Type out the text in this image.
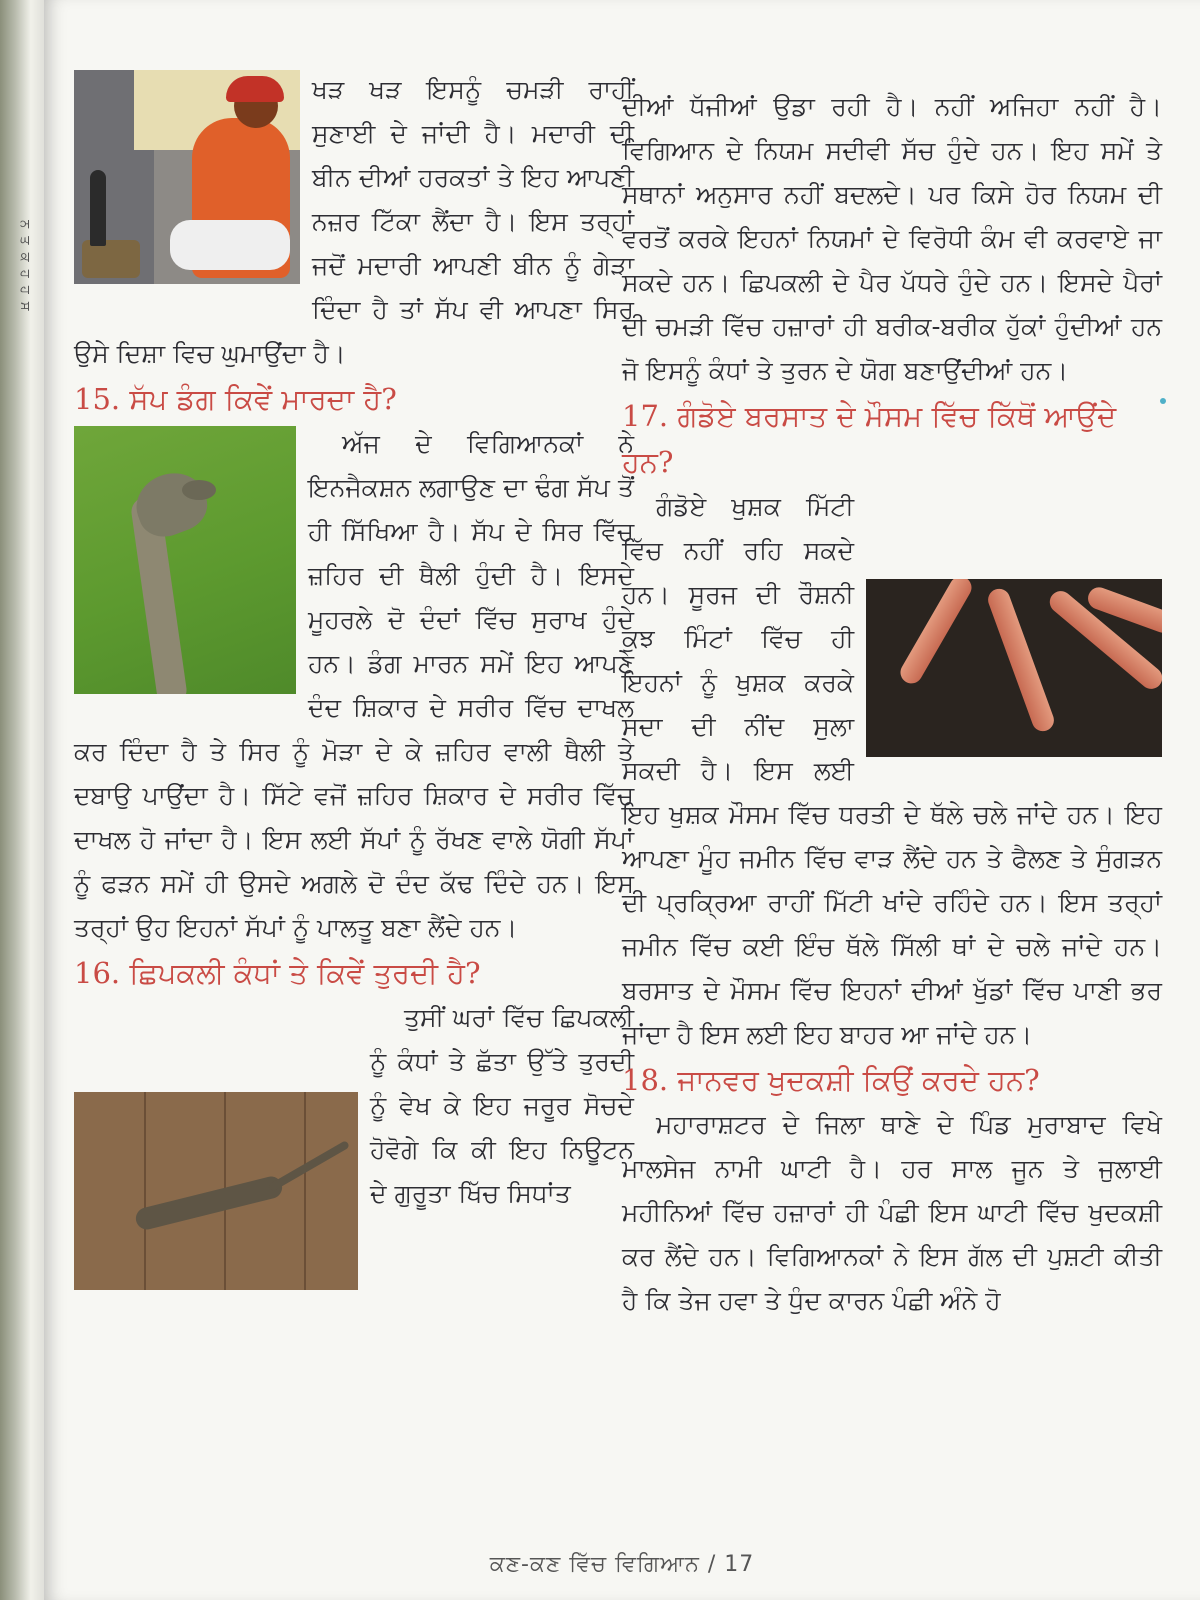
ਨ ਤ ਕ ਹ ਹ ਸ

ਖੜ ਖੜ ਇਸਨੂੰ ਚਮੜੀ ਰਾਹੀਂ ਸੁਣਾਈ ਦੇ ਜਾਂਦੀ ਹੈ। ਮਦਾਰੀ ਦੀ ਬੀਨ ਦੀਆਂ ਹਰਕਤਾਂ ਤੇ ਇਹ ਆਪਣੀ ਨਜ਼ਰ ਟਿੱਕਾ ਲੈਂਦਾ ਹੈ। ਇਸ ਤਰ੍ਹਾਂ ਜਦੋਂ ਮਦਾਰੀ ਆਪਣੀ ਬੀਨ ਨੂੰ ਗੇੜਾ ਦਿੰਦਾ ਹੈ ਤਾਂ ਸੱਪ ਵੀ ਆਪਣਾ ਸਿਰ ਉਸੇ ਦਿਸ਼ਾ ਵਿਚ ਘੁਮਾਉਂਦਾ ਹੈ।

15. ਸੱਪ ਡੰਗ ਕਿਵੇਂ ਮਾਰਦਾ ਹੈ?

ਅੱਜ ਦੇ ਵਿਗਿਆਨਕਾਂ ਨੇ ਇਨਜੈਕਸ਼ਨ ਲਗਾਉਣ ਦਾ ਢੰਗ ਸੱਪ ਤੋਂ ਹੀ ਸਿੱਖਿਆ ਹੈ। ਸੱਪ ਦੇ ਸਿਰ ਵਿੱਚ ਜ਼ਹਿਰ ਦੀ ਥੈਲੀ ਹੁੰਦੀ ਹੈ। ਇਸਦੇ ਮੂਹਰਲੇ ਦੋ ਦੰਦਾਂ ਵਿੱਚ ਸੁਰਾਖ ਹੁੰਦੇ ਹਨ। ਡੰਗ ਮਾਰਨ ਸਮੇਂ ਇਹ ਆਪਣੇ ਦੰਦ ਸ਼ਿਕਾਰ ਦੇ ਸਰੀਰ ਵਿੱਚ ਦਾਖਲ ਕਰ ਦਿੰਦਾ ਹੈ ਤੇ ਸਿਰ ਨੂੰ ਮੋੜਾ ਦੇ ਕੇ ਜ਼ਹਿਰ ਵਾਲੀ ਥੈਲੀ ਤੇ ਦਬਾਉ ਪਾਉਂਦਾ ਹੈ। ਸਿੱਟੇ ਵਜੋਂ ਜ਼ਹਿਰ ਸ਼ਿਕਾਰ ਦੇ ਸਰੀਰ ਵਿੱਚ ਦਾਖਲ ਹੋ ਜਾਂਦਾ ਹੈ। ਇਸ ਲਈ ਸੱਪਾਂ ਨੂੰ ਰੱਖਣ ਵਾਲੇ ਯੋਗੀ ਸੱਪਾਂ ਨੂੰ ਫੜਨ ਸਮੇਂ ਹੀ ਉਸਦੇ ਅਗਲੇ ਦੋ ਦੰਦ ਕੱਢ ਦਿੰਦੇ ਹਨ। ਇਸ ਤਰ੍ਹਾਂ ਉਹ ਇਹਨਾਂ ਸੱਪਾਂ ਨੂੰ ਪਾਲਤੂ ਬਣਾ ਲੈਂਦੇ ਹਨ।

16. ਛਿਪਕਲੀ ਕੰਧਾਂ ਤੇ ਕਿਵੇਂ ਤੁਰਦੀ ਹੈ?

ਤੁਸੀਂ ਘਰਾਂ ਵਿੱਚ ਛਿਪਕਲੀ ਨੂੰ ਕੰਧਾਂ ਤੇ ਛੱਤਾ ਉੱਤੇ ਤੁਰਦੀ ਨੂੰ ਵੇਖ ਕੇ ਇਹ ਜਰੂਰ ਸੋਚਦੇ ਹੋਵੋਗੇ ਕਿ ਕੀ ਇਹ ਨਿਊਟਨ ਦੇ ਗੁਰੂਤਾ ਖਿੱਚ ਸਿਧਾਂਤ

ਦੀਆਂ ਧੱਜੀਆਂ ਉਡਾ ਰਹੀ ਹੈ। ਨਹੀਂ ਅਜਿਹਾ ਨਹੀਂ ਹੈ। ਵਿਗਿਆਨ ਦੇ ਨਿਯਮ ਸਦੀਵੀ ਸੱਚ ਹੁੰਦੇ ਹਨ। ਇਹ ਸਮੇਂ ਤੇ ਸਥਾਨਾਂ ਅਨੁਸਾਰ ਨਹੀਂ ਬਦਲਦੇ। ਪਰ ਕਿਸੇ ਹੋਰ ਨਿਯਮ ਦੀ ਵਰਤੋਂ ਕਰਕੇ ਇਹਨਾਂ ਨਿਯਮਾਂ ਦੇ ਵਿਰੋਧੀ ਕੰਮ ਵੀ ਕਰਵਾਏ ਜਾ ਸਕਦੇ ਹਨ। ਛਿਪਕਲੀ ਦੇ ਪੈਰ ਪੱਧਰੇ ਹੁੰਦੇ ਹਨ। ਇਸਦੇ ਪੈਰਾਂ ਦੀ ਚਮੜੀ ਵਿੱਚ ਹਜ਼ਾਰਾਂ ਹੀ ਬਰੀਕ-ਬਰੀਕ ਹੁੱਕਾਂ ਹੁੰਦੀਆਂ ਹਨ ਜੋ ਇਸਨੂੰ ਕੰਧਾਂ ਤੇ ਤੁਰਨ ਦੇ ਯੋਗ ਬਣਾਉਂਦੀਆਂ ਹਨ।

17. ਗੰਡੋਏ ਬਰਸਾਤ ਦੇ ਮੌਸਮ ਵਿੱਚ ਕਿੱਥੋਂ ਆਉਂਦੇ ਹਨ?

ਗੰਡੋਏ ਖੁਸ਼ਕ ਮਿੱਟੀ ਵਿੱਚ ਨਹੀਂ ਰਹਿ ਸਕਦੇ ਹਨ। ਸੂਰਜ ਦੀ ਰੌਸ਼ਨੀ ਕੁਝ ਮਿੰਟਾਂ ਵਿੱਚ ਹੀ ਇਹਨਾਂ ਨੂੰ ਖੁਸ਼ਕ ਕਰਕੇ ਸਦਾ ਦੀ ਨੀਂਦ ਸੁਲਾ ਸਕਦੀ ਹੈ। ਇਸ ਲਈ ਇਹ ਖੁਸ਼ਕ ਮੌਸਮ ਵਿੱਚ ਧਰਤੀ ਦੇ ਥੱਲੇ ਚਲੇ ਜਾਂਦੇ ਹਨ। ਇਹ ਆਪਣਾ ਮੂੰਹ ਜਮੀਨ ਵਿੱਚ ਵਾੜ ਲੈਂਦੇ ਹਨ ਤੇ ਫੈਲਣ ਤੇ ਸੁੰਗੜਨ ਦੀ ਪ੍ਰਕ੍ਰਿਆ ਰਾਹੀਂ ਮਿੱਟੀ ਖਾਂਦੇ ਰਹਿੰਦੇ ਹਨ। ਇਸ ਤਰ੍ਹਾਂ ਜਮੀਨ ਵਿੱਚ ਕਈ ਇੰਚ ਥੱਲੇ ਸਿੱਲੀ ਥਾਂ ਦੇ ਚਲੇ ਜਾਂਦੇ ਹਨ। ਬਰਸਾਤ ਦੇ ਮੌਸਮ ਵਿੱਚ ਇਹਨਾਂ ਦੀਆਂ ਖੁੱਡਾਂ ਵਿੱਚ ਪਾਣੀ ਭਰ ਜਾਂਦਾ ਹੈ ਇਸ ਲਈ ਇਹ ਬਾਹਰ ਆ ਜਾਂਦੇ ਹਨ।

18. ਜਾਨਵਰ ਖੁਦਕਸ਼ੀ ਕਿਉਂ ਕਰਦੇ ਹਨ?

ਮਹਾਰਾਸ਼ਟਰ ਦੇ ਜਿਲਾ ਥਾਣੇ ਦੇ ਪਿੰਡ ਮੁਰਾਬਾਦ ਵਿਖੇ ਮਾਲਸੇਜ ਨਾਮੀ ਘਾਟੀ ਹੈ। ਹਰ ਸਾਲ ਜੂਨ ਤੇ ਜੁਲਾਈ ਮਹੀਨਿਆਂ ਵਿੱਚ ਹਜ਼ਾਰਾਂ ਹੀ ਪੰਛੀ ਇਸ ਘਾਟੀ ਵਿੱਚ ਖੁਦਕਸ਼ੀ ਕਰ ਲੈਂਦੇ ਹਨ। ਵਿਗਿਆਨਕਾਂ ਨੇ ਇਸ ਗੱਲ ਦੀ ਪੁਸ਼ਟੀ ਕੀਤੀ ਹੈ ਕਿ ਤੇਜ ਹਵਾ ਤੇ ਧੁੰਦ ਕਾਰਨ ਪੰਛੀ ਅੰਨੇ ਹੋ

ਕਣ-ਕਣ ਵਿੱਚ ਵਿਗਿਆਨ / 17
